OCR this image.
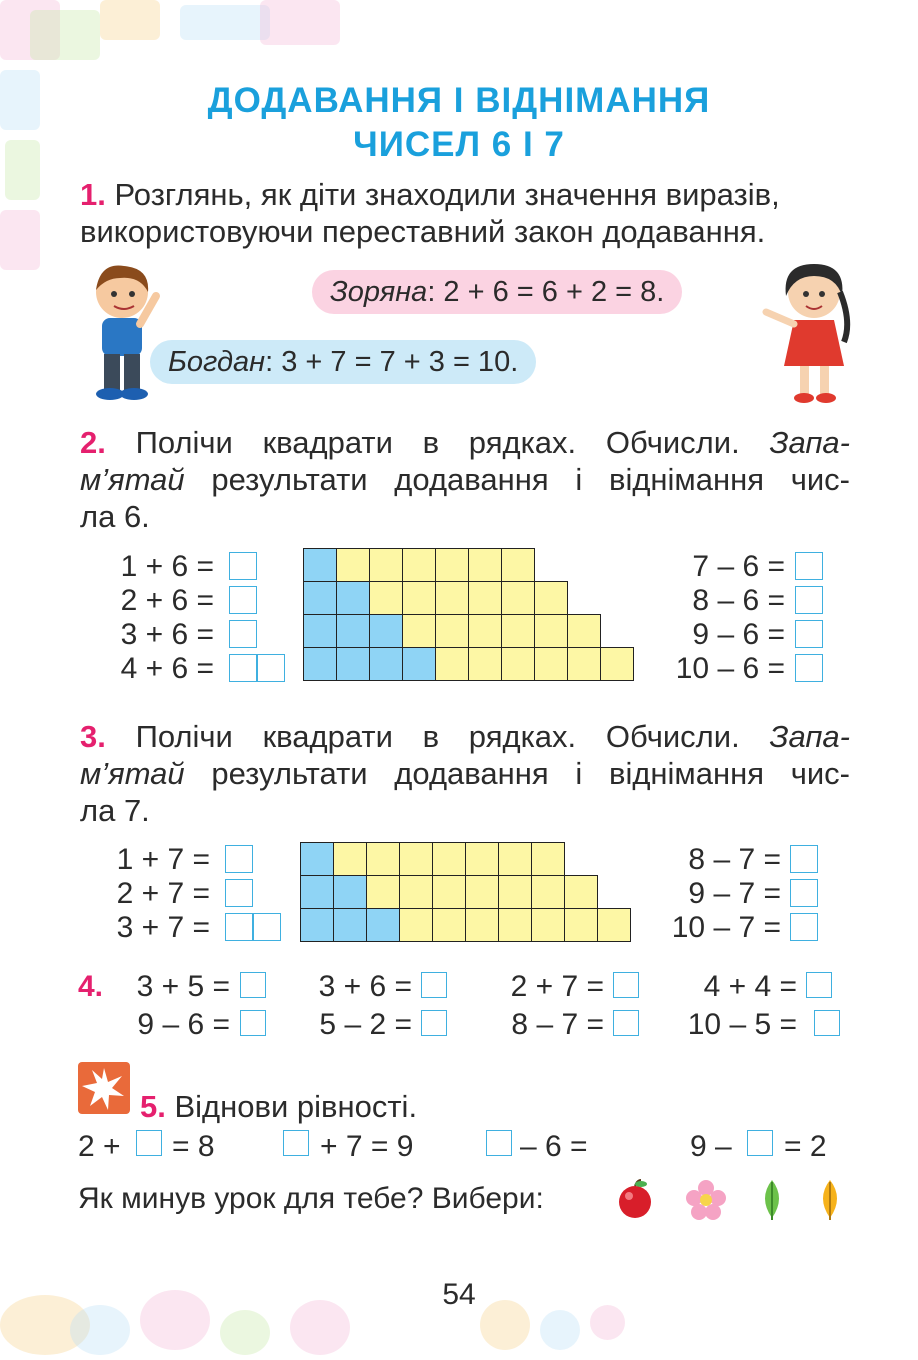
ДОДАВАННЯ І ВІДНІМАННЯ
ЧИСЕЛ 6 І 7
1. Розглянь, як діти знаходили значення виразів,
використовуючи переставний закон додавання.
Зоряна: 2 + 6 = 6 + 2 = 8.
Богдан: 3 + 7 = 7 + 3 = 10.
2. Полічи квадрати в рядках. Обчисли. Запа-
м’ятай результати додавання і віднімання чис-
ла 6.
1 + 6 =
2 + 6 =
3 + 6 =
4 + 6 =
7 – 6 =
8 – 6 =
9 – 6 =
10 – 6 =

3. Полічи квадрати в рядках. Обчисли. Запа-
м’ятай результати додавання і віднімання чис-
ла 7.
1 + 7 =
2 + 7 =
3 + 7 =
8 – 7 =
9 – 7 =
10 – 7 =

4. 3 + 5 =	3 + 6 =	2 + 7 =	4 + 4 =
9 – 6 =	5 – 2 =	8 – 7 =	10 – 5 =
5. Віднови рівності.
2 + = 8	+ 7 = 9	– 6 =	9 – = 2
Як минув урок для тебе? Вибери:
54
